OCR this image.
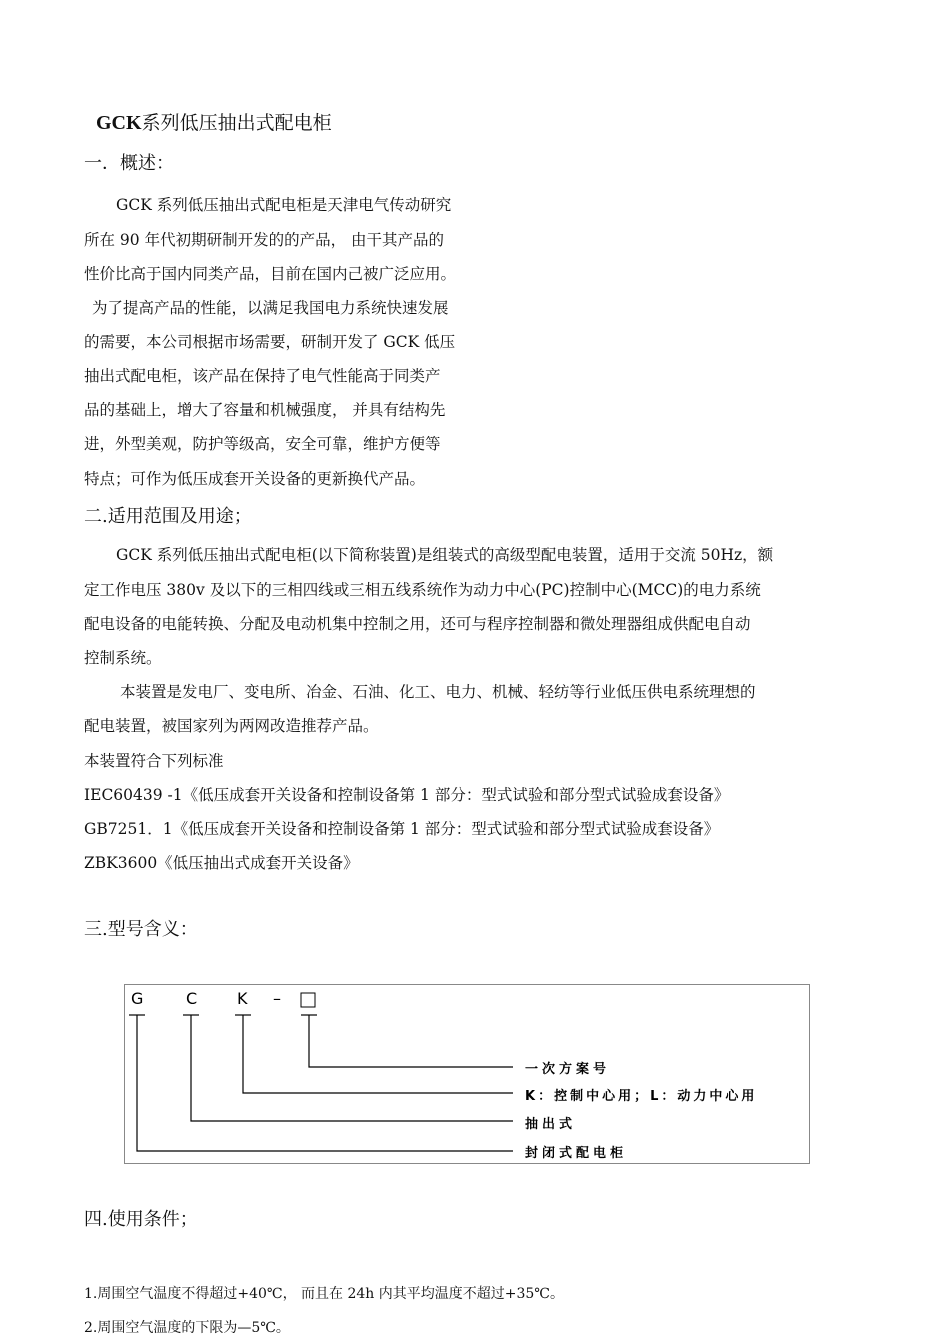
GCK系列低压抽出式配电柜
一．概述：
GCK 系列低压抽出式配电柜是天津电气传动研究
所在 90 年代初期研制开发的的产品， 由干其产品的
性价比高于国内同类产品，目前在国内己被广泛应用。
为了提高产品的性能，以满足我国电力系统快速发展
的需要，本公司根据市场需要，研制开发了 GCK 低压
抽出式配电柜，该产品在保持了电气性能高于同类产
品的基础上，增大了容量和机械强度， 并具有结构先
进，外型美观，防护等级高，安全可靠，维护方便等
特点；可作为低压成套开关设备的更新换代产品。
二.适用范围及用途；
GCK 系列低压抽出式配电柜(以下简称装置)是组装式的高级型配电装置，适用于交流 50Hz，额
定工作电压 380v 及以下的三相四线或三相五线系统作为动力中心(PC)控制中心(MCC)的电力系统
配电设备的电能转换、分配及电动机集中控制之用，还可与程序控制器和微处理器组成供配电自动
控制系统。
本装置是发电厂、变电所、冶金、石油、化工、电力、机械、轻纺等行业低压供电系统理想的
配电装置，被国家列为两网改造推荐产品。
本装置符合下列标准
IEC60439 -1《低压成套开关设备和控制设备第 1 部分：型式试验和部分型式试验成套设备》
GB7251．1《低压成套开关设备和控制设备第 1 部分：型式试验和部分型式试验成套设备》
ZBK3600《低压抽出式成套开关设备》
三.型号含义：
G	C K –
一次方案号
K：控制中心用；L：动力中心用
抽出式
封闭式配电柜
四.使用条件；
1.周围空气温度不得超过+40℃， 而且在 24h 内其平均温度不超过+35℃。
2.周围空气温度的下限为—5℃。
